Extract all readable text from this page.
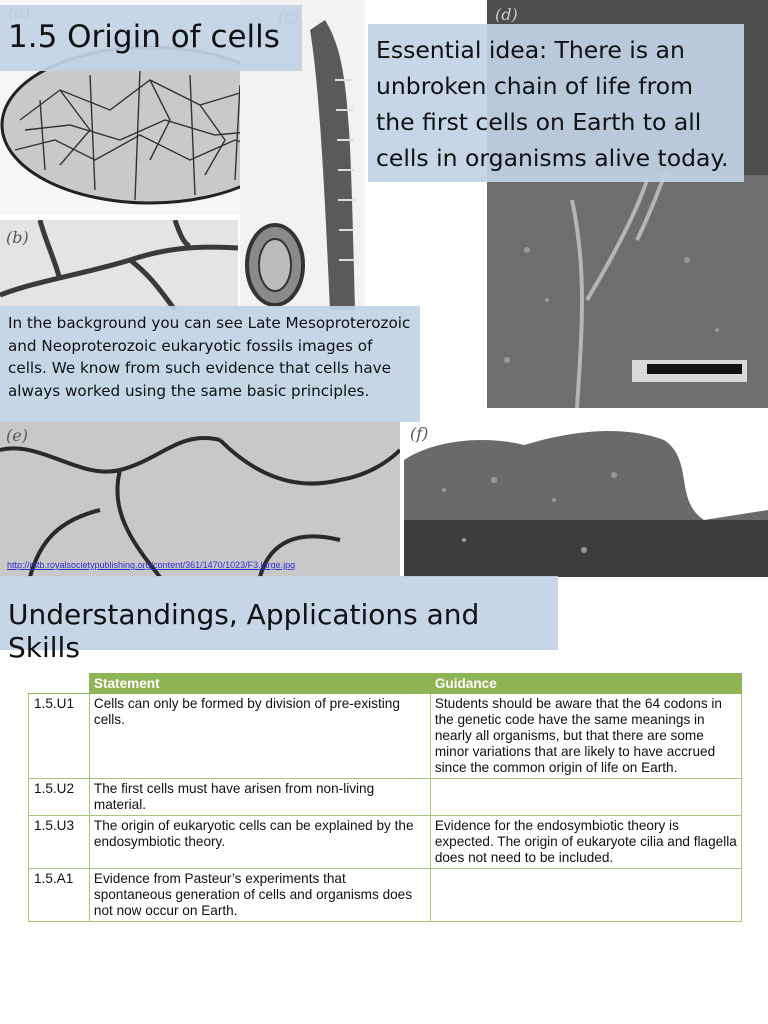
(b)
(d)
(e)	(f)
1.5 Origin of cells	Essential idea: There is an unbroken chain of life from the first cells on Earth to all cells in organisms alive today.

In the background you can see Late Mesoproterozoic and Neoproterozoic eukaryotic fossils images of cells. We know from such evidence that cells have always worked using the same basic principles.

http://rstb.royalsocietypublishing.org/content/361/1470/1023/F3.large.jpg
Understandings, Applications and Skills
	Statement	Guidance
1.5.U1	Cells can only be formed by division of pre-existing cells.	Students should be aware that the 64 codons in the genetic code have the same meanings in nearly all organisms, but that there are some minor variations that are likely to have accrued since the common origin of life on Earth.
1.5.U2	The first cells must have arisen from non-living material.	
1.5.U3	The origin of eukaryotic cells can be explained by the endosymbiotic theory.	Evidence for the endosymbiotic theory is expected. The origin of eukaryote cilia and flagella does not need to be included.
1.5.A1	Evidence from Pasteur’s experiments that spontaneous generation of cells and organisms does not now occur on Earth.	
